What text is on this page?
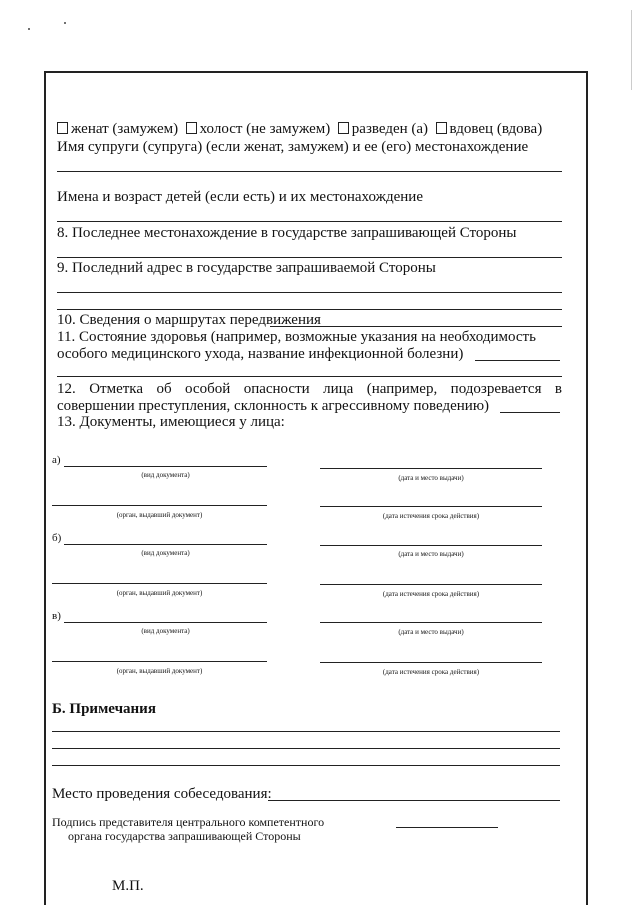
женат (замужем) холост (не замужем) разведен (а) вдовец (вдова)
Имя супруги (супруга) (если женат, замужем) и ее (его) местонахождение
Имена и возраст детей (если есть) и их местонахождение
8. Последнее местонахождение в государстве запрашивающей Стороны
9. Последний адрес в государстве запрашиваемой Стороны
10. Сведения о маршрутах передвижения
11. Состояние здоровья (например, возможные указания на необходимость
особого медицинского ухода, название инфекционной болезни)
12. Отметка об особой опасности лица (например, подозревается в
совершении преступления, склонность к агрессивному поведению)
13. Документы, имеющиеся у лица:
а)
(вид документа)	(дата и место выдачи)
(орган, выдавший документ)	(дата истечения срока действия)
б)
(вид документа)	(дата и место выдачи)
(орган, выдавший документ)	(дата истечения срока действия)
в)
(вид документа)	(дата и место выдачи)
(орган, выдавший документ)	(дата истечения срока действия)
Б. Примечания
Место проведения собеседования:
Подпись представителя центрального компетентного
органа государства запрашивающей Стороны
М.П.
